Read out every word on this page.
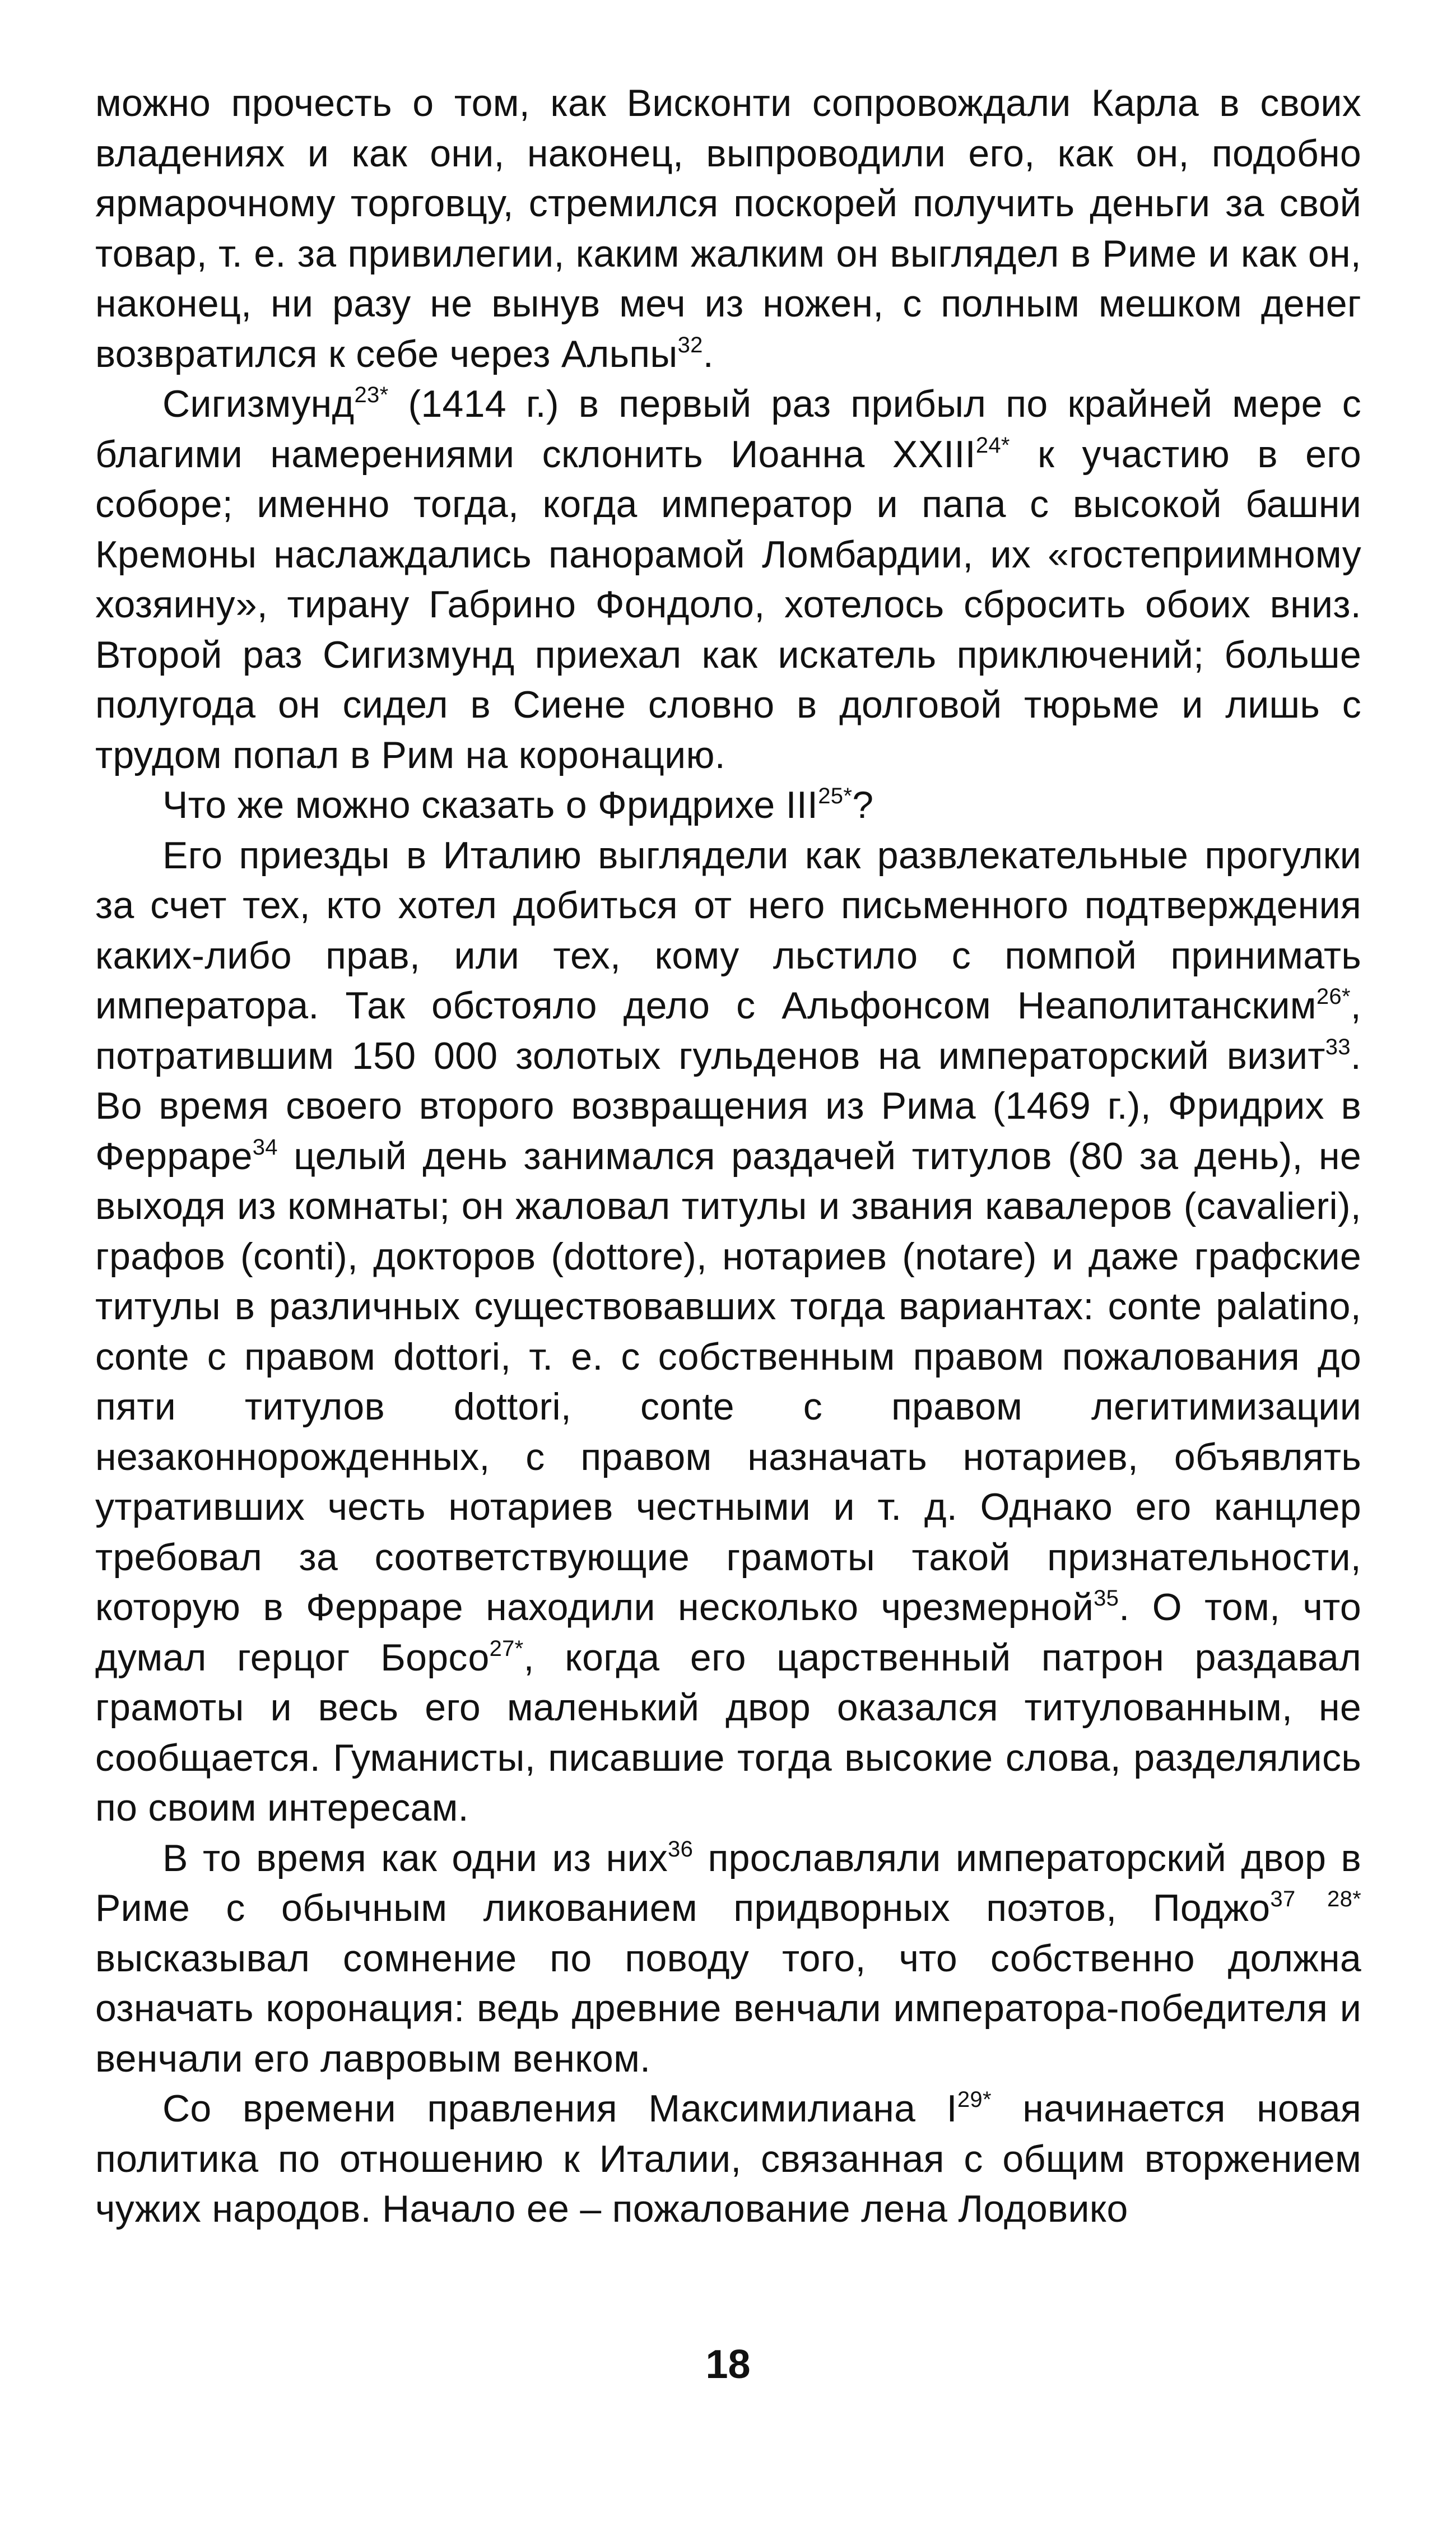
можно прочесть о том, как Висконти сопровождали Карла в своих владениях и как они, наконец, выпроводили его, как он, подобно ярмарочному торговцу, стремился поскорей получить деньги за свой товар, т. е. за привилегии, каким жалким он выглядел в Риме и как он, наконец, ни разу не вынув меч из ножен, с полным мешком денег возвратился к себе через Альпы$^{32}$.

Сигизмунд$^{23*}$ (1414 г.) в первый раз прибыл по крайней мере с благими намерениями склонить Иоанна $XXIII^{24*}$ к участию в его соборе; именно тогда, когда император и папа с высокой башни Кремоны наслаждались панорамой Ломбардии, их «гостеприимному хозяину», тирану Габрино Фондоло, хотелось сбросить обоих вниз. Второй раз Сигизмунд приехал как искатель приключений; больше полугода он сидел в Сиене словно в долговой тюрьме и лишь с трудом попал в Рим на коронацию.

Что же можно сказать о Фридрихе $III^{25*}$?

Его приезды в Италию выглядели как развлекательные прогулки за счет тех, кто хотел добиться от него письменного подтверждения каких-либо прав, или тех, кому льстило с помпой принимать императора. Так обстояло дело с Альфонсом Неаполитанским$^{26*}$, потратившим 150 000 золотых гульденов на императорский визит$^{33}$. Во время своего второго возвращения из Рима (1469 г.), Фридрих в Ферраре$^{34}$ целый день занимался раздачей титулов (80 за день), не выходя из комнаты; он жаловал титулы и звания кавалеров (cavalieri), графов (conti), докторов (dottore), нотариев (notare) и даже графские титулы в различных существовавших тогда вариантах: conte palatino, conte с правом dottori, т. е. с собственным правом пожалования до пяти титулов dottori, conte с правом легитимизации незаконнорожденных, с правом назначать нотариев, объявлять утративших честь нотариев честными и т. д. Однако его канцлер требовал за соответствующие грамоты такой признательности, которую в Ферраре находили несколько чрезмерной$^{35}$. О том, что думал герцог Борсо$^{27*}$, когда его царственный патрон раздавал грамоты и весь его маленький двор оказался титулованным, не сообщается. Гуманисты, писавшие тогда высокие слова, разделялись по своим интересам.

В то время как одни из них$^{36}$ прославляли императорский двор в Риме с обычным ликованием придворных поэтов, Поджо$^{37 28*}$ высказывал сомнение по поводу того, что собственно должна означать коронация: ведь древние венчали императора-победителя и венчали его лавровым венком.

Со времени правления Максимилиана $I^{29*}$ начинается новая политика по отношению к Италии, связанная с общим вторжением чужих народов. Начало ее – пожалование лена Лодовико

18
